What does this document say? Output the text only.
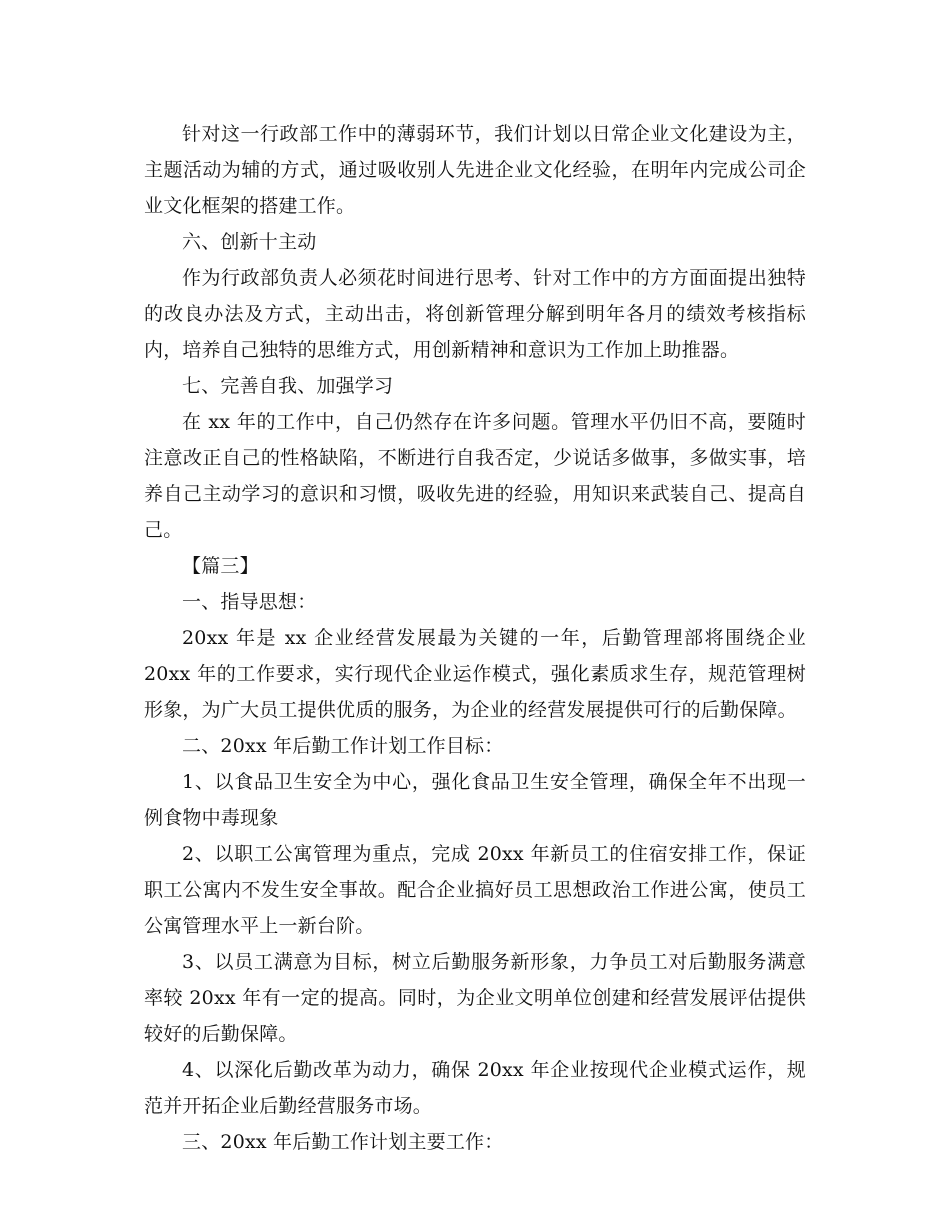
针对这一行政部工作中的薄弱环节，我们计划以日常企业文化建设为主，主题活动为辅的方式，通过吸收别人先进企业文化经验，在明年内完成公司企业文化框架的搭建工作。

六、创新十主动

作为行政部负责人必须花时间进行思考、针对工作中的方方面面提出独特的改良办法及方式，主动出击，将创新管理分解到明年各月的绩效考核指标内，培养自己独特的思维方式，用创新精神和意识为工作加上助推器。

七、完善自我、加强学习

在 xx 年的工作中，自己仍然存在许多问题。管理水平仍旧不高，要随时注意改正自己的性格缺陷，不断进行自我否定，少说话多做事，多做实事，培养自己主动学习的意识和习惯，吸收先进的经验，用知识来武装自己、提高自己。

【篇三】

一、指导思想：

20xx 年是 xx 企业经营发展最为关键的一年，后勤管理部将围绕企业 20xx 年的工作要求，实行现代企业运作模式，强化素质求生存，规范管理树形象，为广大员工提供优质的服务，为企业的经营发展提供可行的后勤保障。

二、20xx 年后勤工作计划工作目标：

1、以食品卫生安全为中心，强化食品卫生安全管理，确保全年不出现一例食物中毒现象

2、以职工公寓管理为重点，完成 20xx 年新员工的住宿安排工作，保证职工公寓内不发生安全事故。配合企业搞好员工思想政治工作进公寓，使员工公寓管理水平上一新台阶。

3、以员工满意为目标，树立后勤服务新形象，力争员工对后勤服务满意率较 20xx 年有一定的提高。同时，为企业文明单位创建和经营发展评估提供较好的后勤保障。

4、以深化后勤改革为动力，确保 20xx 年企业按现代企业模式运作，规范并开拓企业后勤经营服务市场。

三、20xx 年后勤工作计划主要工作：
